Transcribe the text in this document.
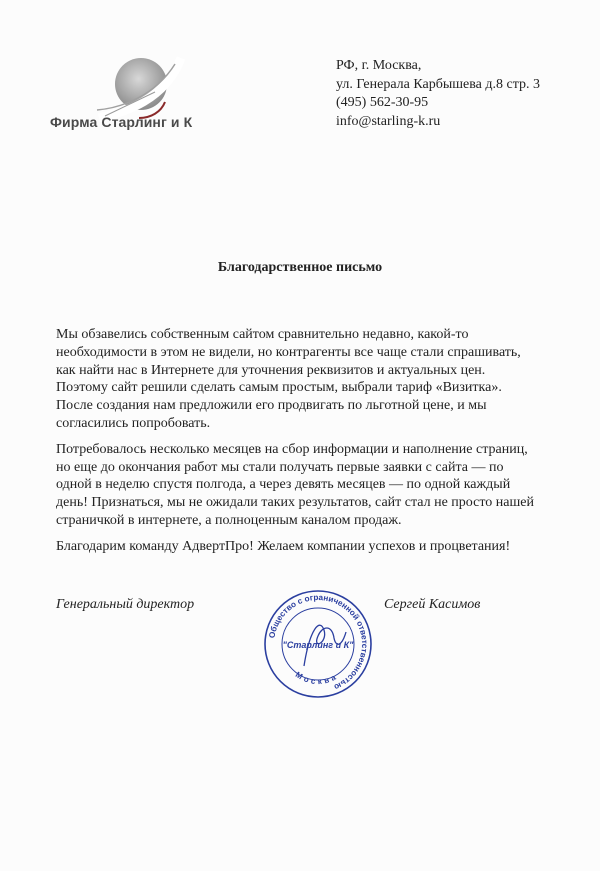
Фирма Старлинг и К
РФ, г. Москва,
ул. Генерала Карбышева д.8 стр. 3
(495) 562-30-95
info@starling-k.ru
Благодарственное письмо

Мы обзавелись собственным сайтом сравнительно недавно, какой-то
необходимости в этом не видели, но контрагенты все чаще стали спрашивать,
как найти нас в Интернете для уточнения реквизитов и актуальных цен.
Поэтому сайт решили сделать самым простым, выбрали тариф «Визитка».
После создания нам предложили его продвигать по льготной цене, и мы
согласились попробовать.

Потребовалось несколько месяцев на сбор информации и наполнение страниц,
но еще до окончания работ мы стали получать первые заявки с сайта — по
одной в неделю спустя полгода, а через девять месяцев — по одной каждый
день! Признаться, мы не ожидали таких результатов, сайт стал не просто нашей
страничкой в интернете, а полноценным каналом продаж.

Благодарим команду АдвертПро! Желаем компании успехов и процветания!

Генеральный директор	Сергей Касимов
Общество с ограниченной ответственностью
Москва
"Старлинг и К"
